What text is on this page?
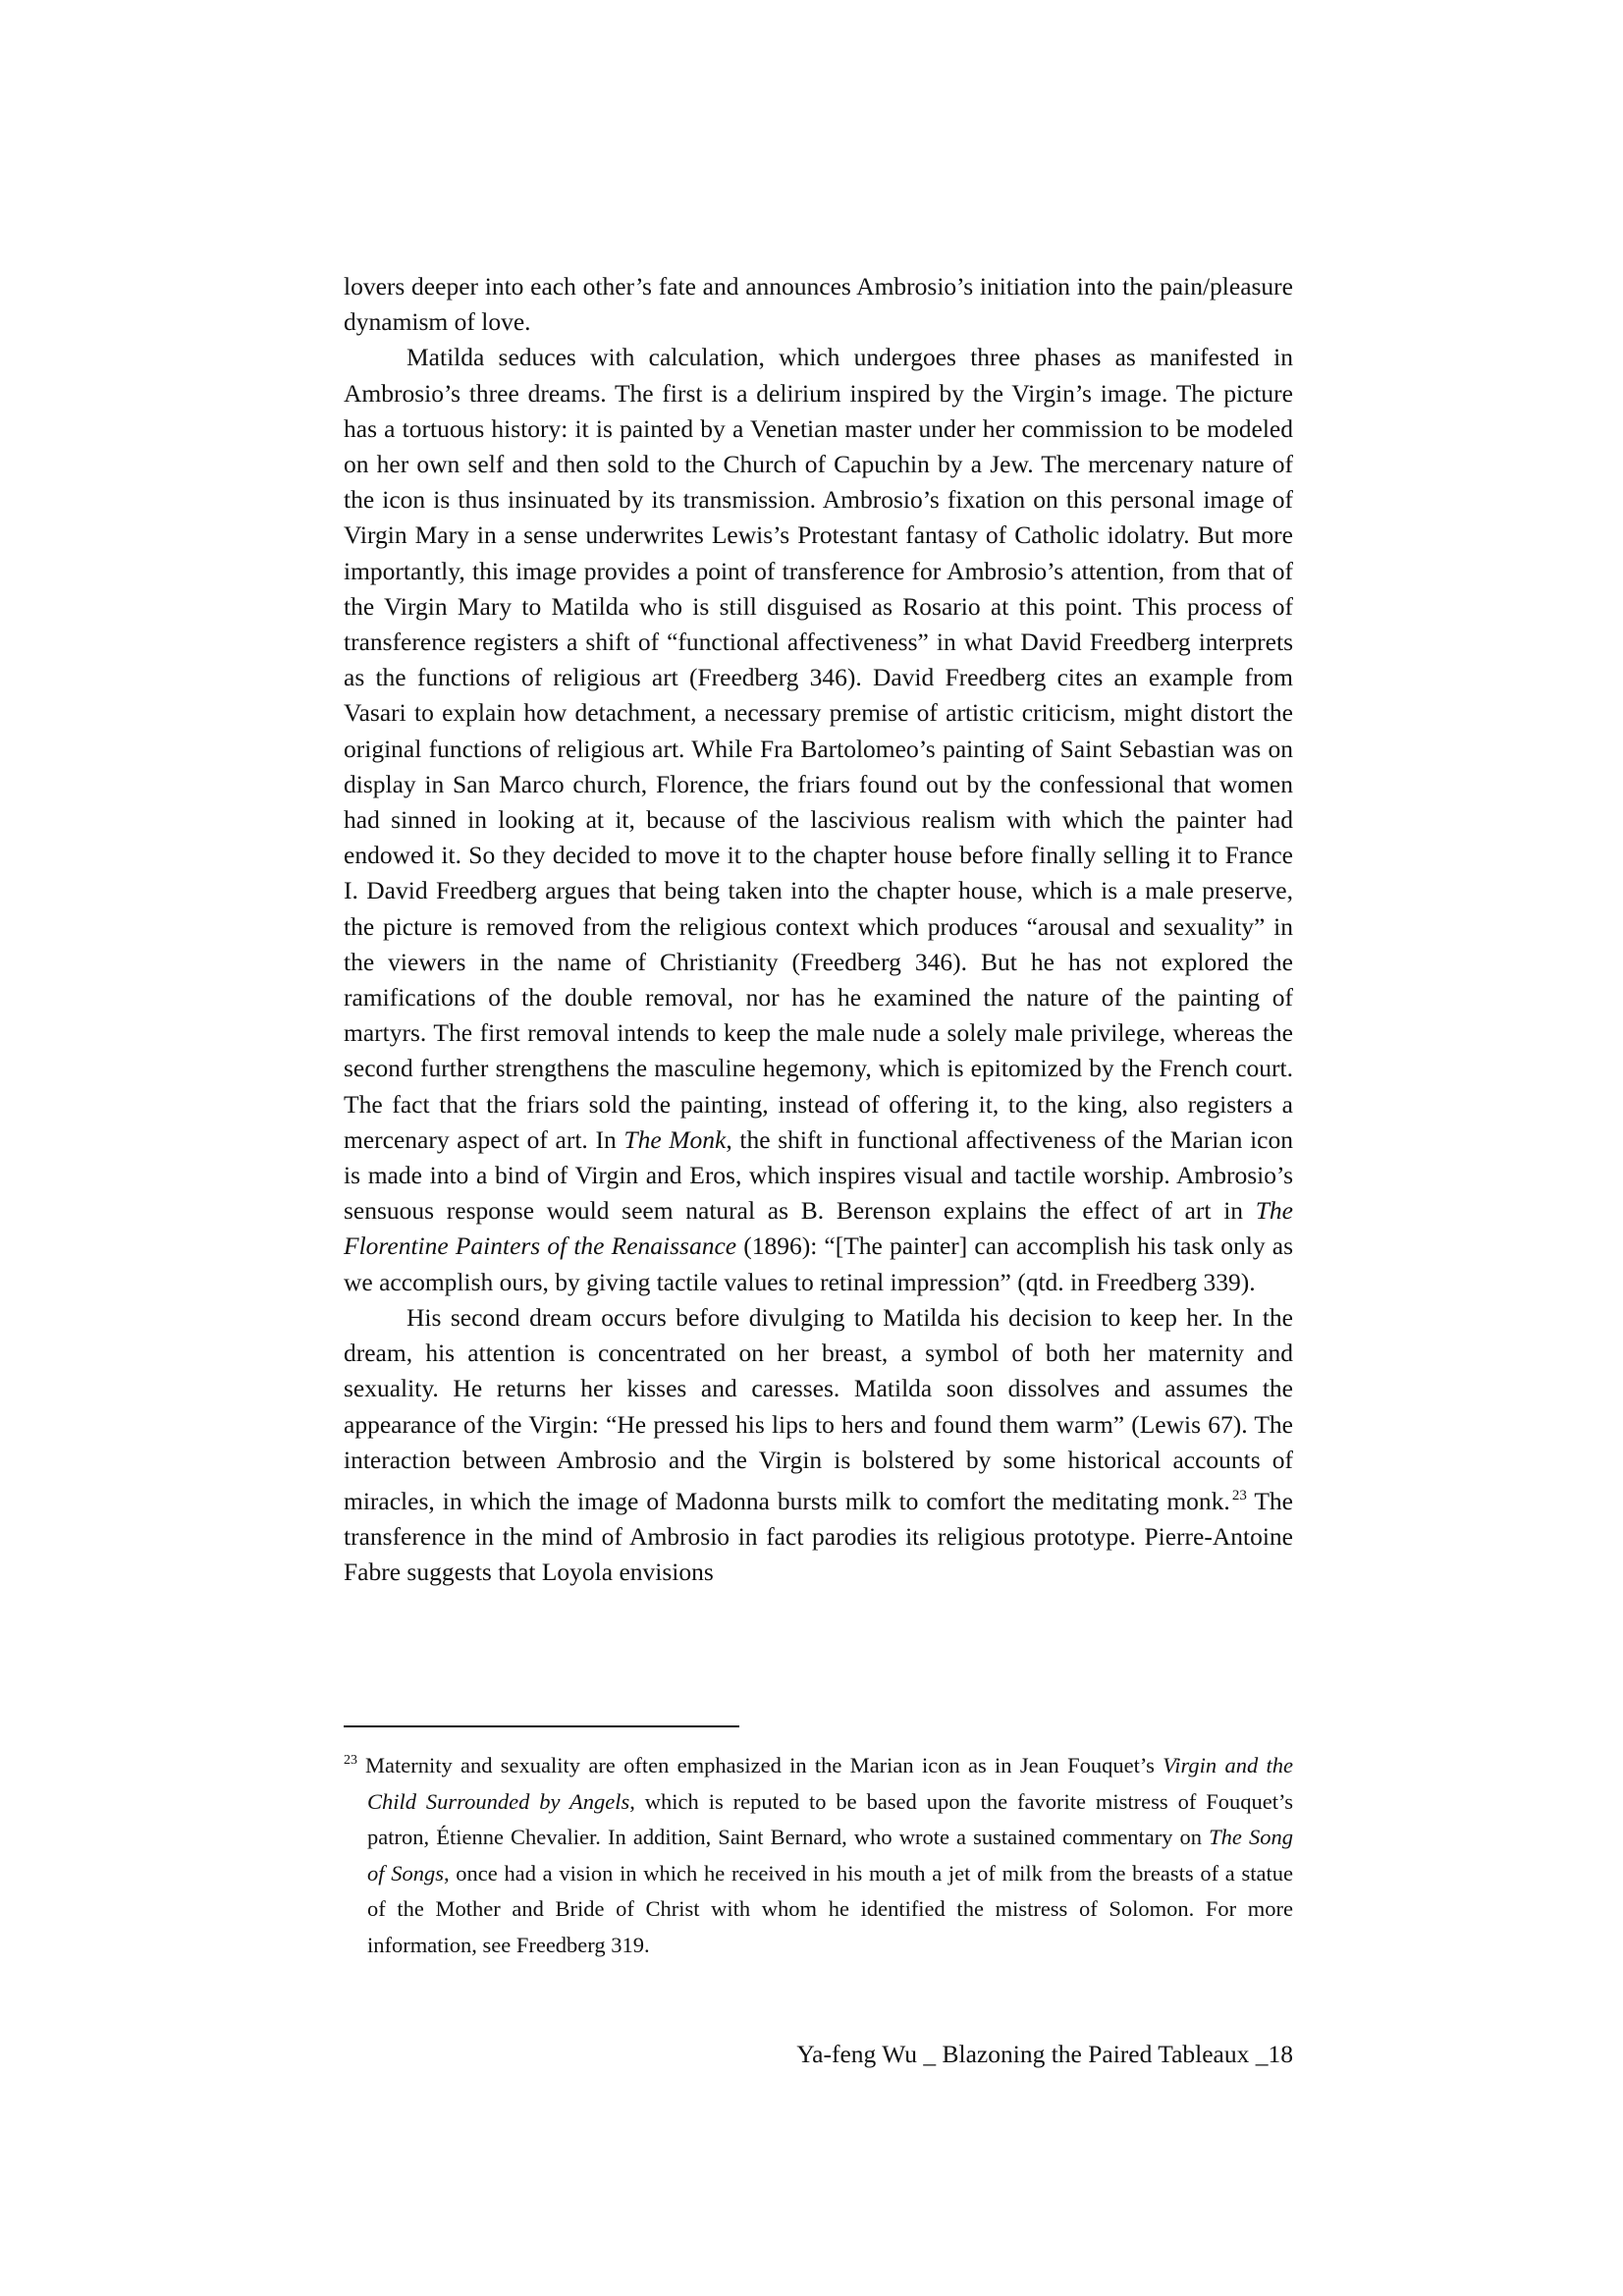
lovers deeper into each other’s fate and announces Ambrosio’s initiation into the pain/pleasure dynamism of love.

Matilda seduces with calculation, which undergoes three phases as manifested in Ambrosio’s three dreams. The first is a delirium inspired by the Virgin’s image. The picture has a tortuous history: it is painted by a Venetian master under her commission to be modeled on her own self and then sold to the Church of Capuchin by a Jew. The mercenary nature of the icon is thus insinuated by its transmission. Ambrosio’s fixation on this personal image of Virgin Mary in a sense underwrites Lewis’s Protestant fantasy of Catholic idolatry. But more importantly, this image provides a point of transference for Ambrosio’s attention, from that of the Virgin Mary to Matilda who is still disguised as Rosario at this point. This process of transference registers a shift of “functional affectiveness” in what David Freedberg interprets as the functions of religious art (Freedberg 346). David Freedberg cites an example from Vasari to explain how detachment, a necessary premise of artistic criticism, might distort the original functions of religious art. While Fra Bartolomeo’s painting of Saint Sebastian was on display in San Marco church, Florence, the friars found out by the confessional that women had sinned in looking at it, because of the lascivious realism with which the painter had endowed it. So they decided to move it to the chapter house before finally selling it to France I. David Freedberg argues that being taken into the chapter house, which is a male preserve, the picture is removed from the religious context which produces “arousal and sexuality” in the viewers in the name of Christianity (Freedberg 346). But he has not explored the ramifications of the double removal, nor has he examined the nature of the painting of martyrs. The first removal intends to keep the male nude a solely male privilege, whereas the second further strengthens the masculine hegemony, which is epitomized by the French court. The fact that the friars sold the painting, instead of offering it, to the king, also registers a mercenary aspect of art. In The Monk, the shift in functional affectiveness of the Marian icon is made into a bind of Virgin and Eros, which inspires visual and tactile worship. Ambrosio’s sensuous response would seem natural as B. Berenson explains the effect of art in The Florentine Painters of the Renaissance (1896): “[The painter] can accomplish his task only as we accomplish ours, by giving tactile values to retinal impression” (qtd. in Freedberg 339).

His second dream occurs before divulging to Matilda his decision to keep her. In the dream, his attention is concentrated on her breast, a symbol of both her maternity and sexuality. He returns her kisses and caresses. Matilda soon dissolves and assumes the appearance of the Virgin: “He pressed his lips to hers and found them warm” (Lewis 67). The interaction between Ambrosio and the Virgin is bolstered by some historical accounts of miracles, in which the image of Madonna bursts milk to comfort the meditating monk. $^{23}$ The transference in the mind of Ambrosio in fact parodies its religious prototype. Pierre-Antoine Fabre suggests that Loyola envisions

$^{23}$ Maternity and sexuality are often emphasized in the Marian icon as in Jean Fouquet’s Virgin and the Child Surrounded by Angels, which is reputed to be based upon the favorite mistress of Fouquet’s patron, Étienne Chevalier. In addition, Saint Bernard, who wrote a sustained commentary on The Song of Songs, once had a vision in which he received in his mouth a jet of milk from the breasts of a statue of the Mother and Bride of Christ with whom he identified the mistress of Solomon. For more information, see Freedberg 319.
Ya-feng Wu _ Blazoning the Paired Tableaux _18
